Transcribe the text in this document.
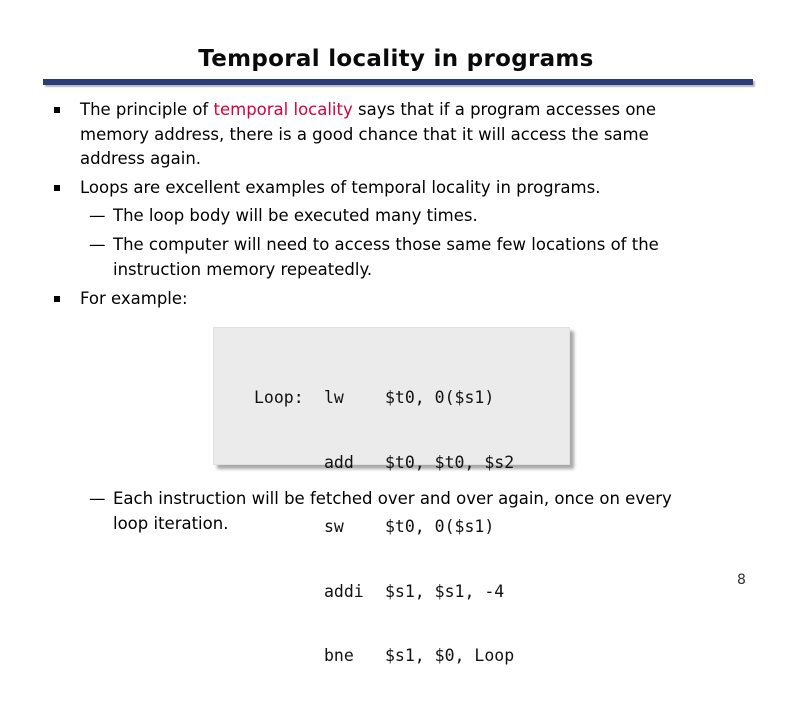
Temporal locality in programs
The principle of temporal locality says that if a program accesses one
memory address, there is a good chance that it will access the same
address again.
Loops are excellent examples of temporal locality in programs.
— The loop body will be executed many times.
— The computer will need to access those same few locations of the
instruction memory repeatedly.
For example:

Loop: lw $t0, 0($s1)

add $t0, $t0, $s2

sw $t0, 0($s1)

addi $s1, $s1, -4

bne $s1, $0, Loop

— Each instruction will be fetched over and over again, once on every
loop iteration.
8
